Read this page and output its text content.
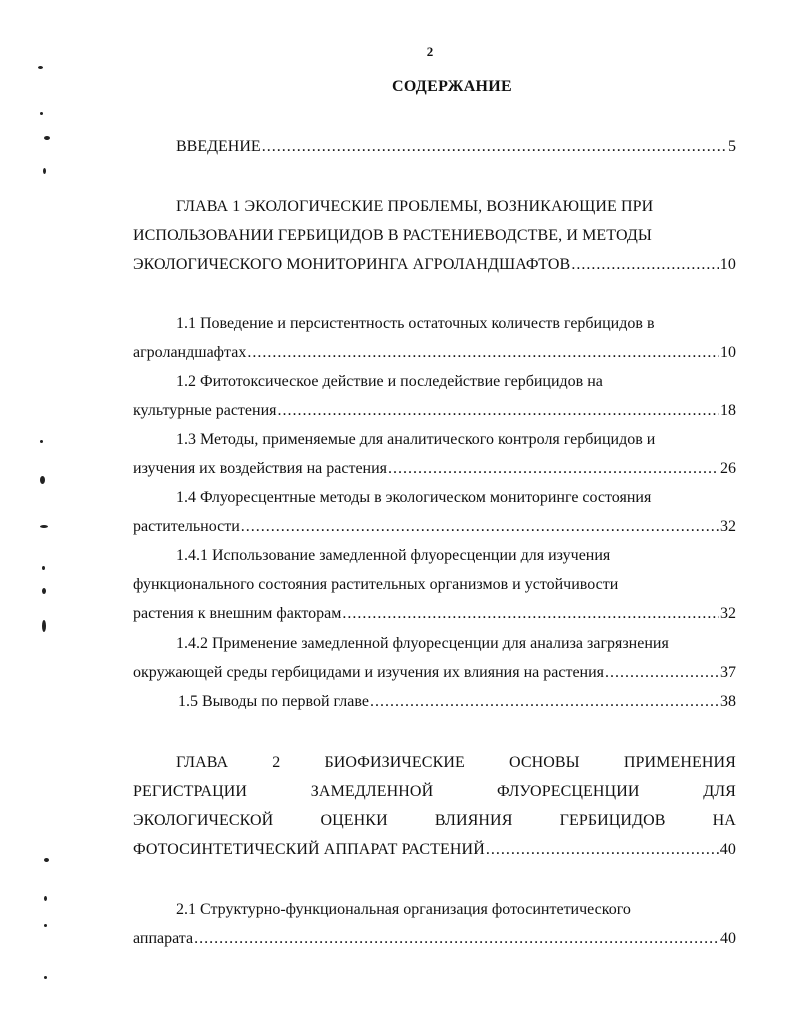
2
СОДЕРЖАНИЕ
ВВЕДЕНИЕ .....	5
ГЛАВА 1 ЭКОЛОГИЧЕСКИЕ ПРОБЛЕМЫ, ВОЗНИКАЮЩИЕ ПРИ
ИСПОЛЬЗОВАНИИ ГЕРБИЦИДОВ В РАСТЕНИЕВОДСТВЕ, И МЕТОДЫ
ЭКОЛОГИЧЕСКОГО МОНИТОРИНГА АГРОЛАНДШАФТОВ .....	10
1.1 Поведение и персистентность остаточных количеств гербицидов в
агроландшафтах .....	10
1.2 Фитотоксическое действие и последействие гербицидов на
культурные растения .....	18
1.3 Методы, применяемые для аналитического контроля гербицидов и
изучения их воздействия на растения .....	26
1.4 Флуоресцентные методы в экологическом мониторинге состояния
растительности .....	32
1.4.1 Использование замедленной флуоресценции для изучения
функционального состояния растительных организмов и устойчивости
растения к внешним факторам .....	32
1.4.2 Применение замедленной флуоресценции для анализа загрязнения
окружающей среды гербицидами и изучения их влияния на растения .....	37
1.5 Выводы по первой главе .....	38
ГЛАВА	2	БИОФИЗИЧЕСКИЕ	ОСНОВЫ	ПРИМЕНЕНИЯ
РЕГИСТРАЦИИ	ЗАМЕДЛЕННОЙ	ФЛУОРЕСЦЕНЦИИ	ДЛЯ
ЭКОЛОГИЧЕСКОЙ	ОЦЕНКИ	ВЛИЯНИЯ	ГЕРБИЦИДОВ	НА
ФОТОСИНТЕТИЧЕСКИЙ АППАРАТ РАСТЕНИЙ .....	40
2.1 Структурно-функциональная организация фотосинтетического
аппарата .....	40
